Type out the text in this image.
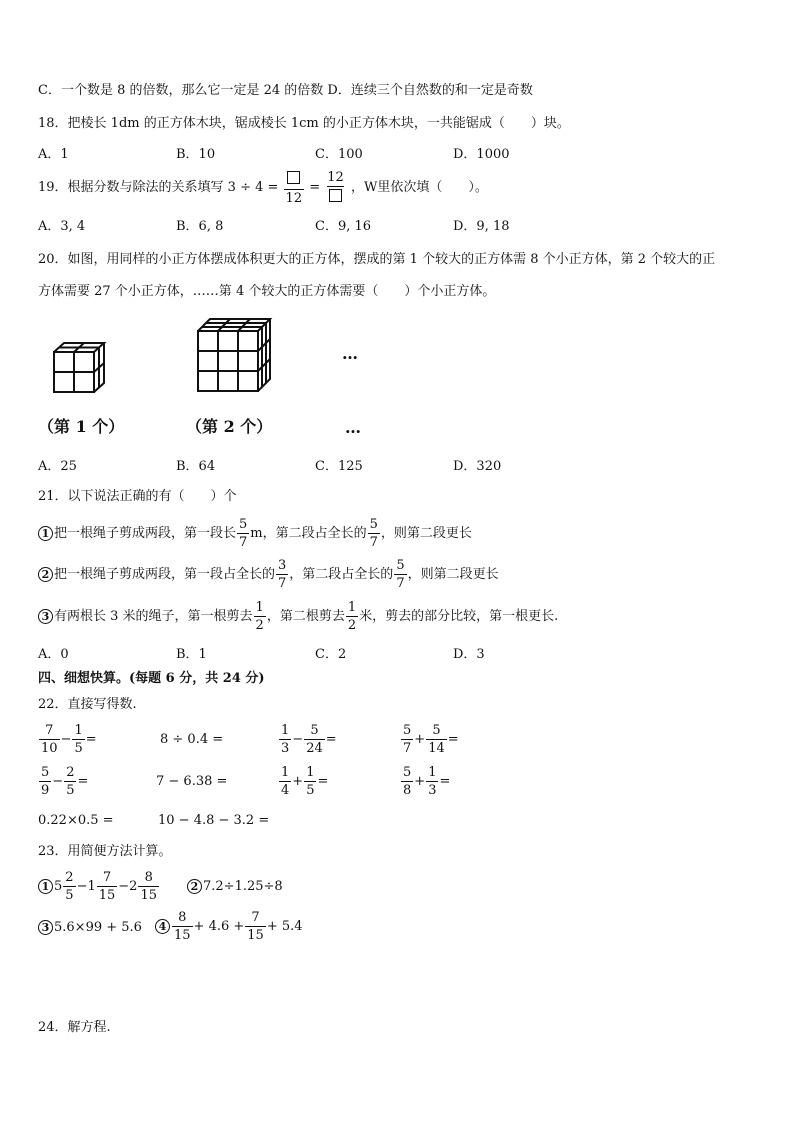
C．一个数是 8 的倍数，那么它一定是 24 的倍数 D．连续三个自然数的和一定是奇数
18．把棱长 1dm 的正方体木块，锯成棱长 1cm 的小正方体木块，一共能锯成（　　）块。
A．1	B．10	C．100	D．1000
19．根据分数与除法的关系填写 3 ÷ 4 =
12
=
12
，W里依次填（　　）。
A．3, 4	B．6, 8	C．9, 16	D．9, 18
20．如图，用同样的小正方体摆成体积更大的正方体，摆成的第 1 个较大的正方体需 8 个小正方体，第 2 个较大的正
方体需要 27 个小正方体，……第 4 个较大的正方体需要（　　）个小正方体。
（第 1 个）	（第 2 个）
…
…
A．25	B．64	C．125	D．320
21．以下说法正确的有（　　）个
1 把一根绳子剪成两段，第一段长 $\frac{5}{7}$ m，第二段占全长的 $\frac{5}{7}$ ，则第二段更长
2 把一根绳子剪成两段，第一段占全长的 $\frac{3}{7}$ ，第二段占全长的 $\frac{5}{7}$ ，则第二段更长
3 有两根长 3 米的绳子，第一根剪去 $\frac{1}{2}$ ，第二根剪去 $\frac{1}{2}$ 米，剪去的部分比较，第一根更长.
A．0	B．1	C．2	D．3
四、细想快算。(每题 6 分，共 24 分)
22．直接写得数.
$\frac{7}{10} - \frac{1}{5}$ =	8 ÷ 0.4 =	$\frac{1}{3} - \frac{5}{24}$ =	$\frac{5}{7} + \frac{5}{14}$ =
$\frac{5}{9} - \frac{2}{5}$ =	7 − 6.38 =	$\frac{1}{4} + \frac{1}{5}$ =	$\frac{5}{8} + \frac{1}{3}$ =
0.22×0.5 =	10 − 4.8 − 3.2 =
23．用简便方法计算。
1 $5 \frac{2}{5} -1 \frac{7}{15} -2 \frac{8}{15}$	2 7.2÷1.25÷8
3 5.6×99 + 5.6	$4 \frac{8}{15} + 4.6 + \frac{7}{15} + 5.4$
24．解方程.
